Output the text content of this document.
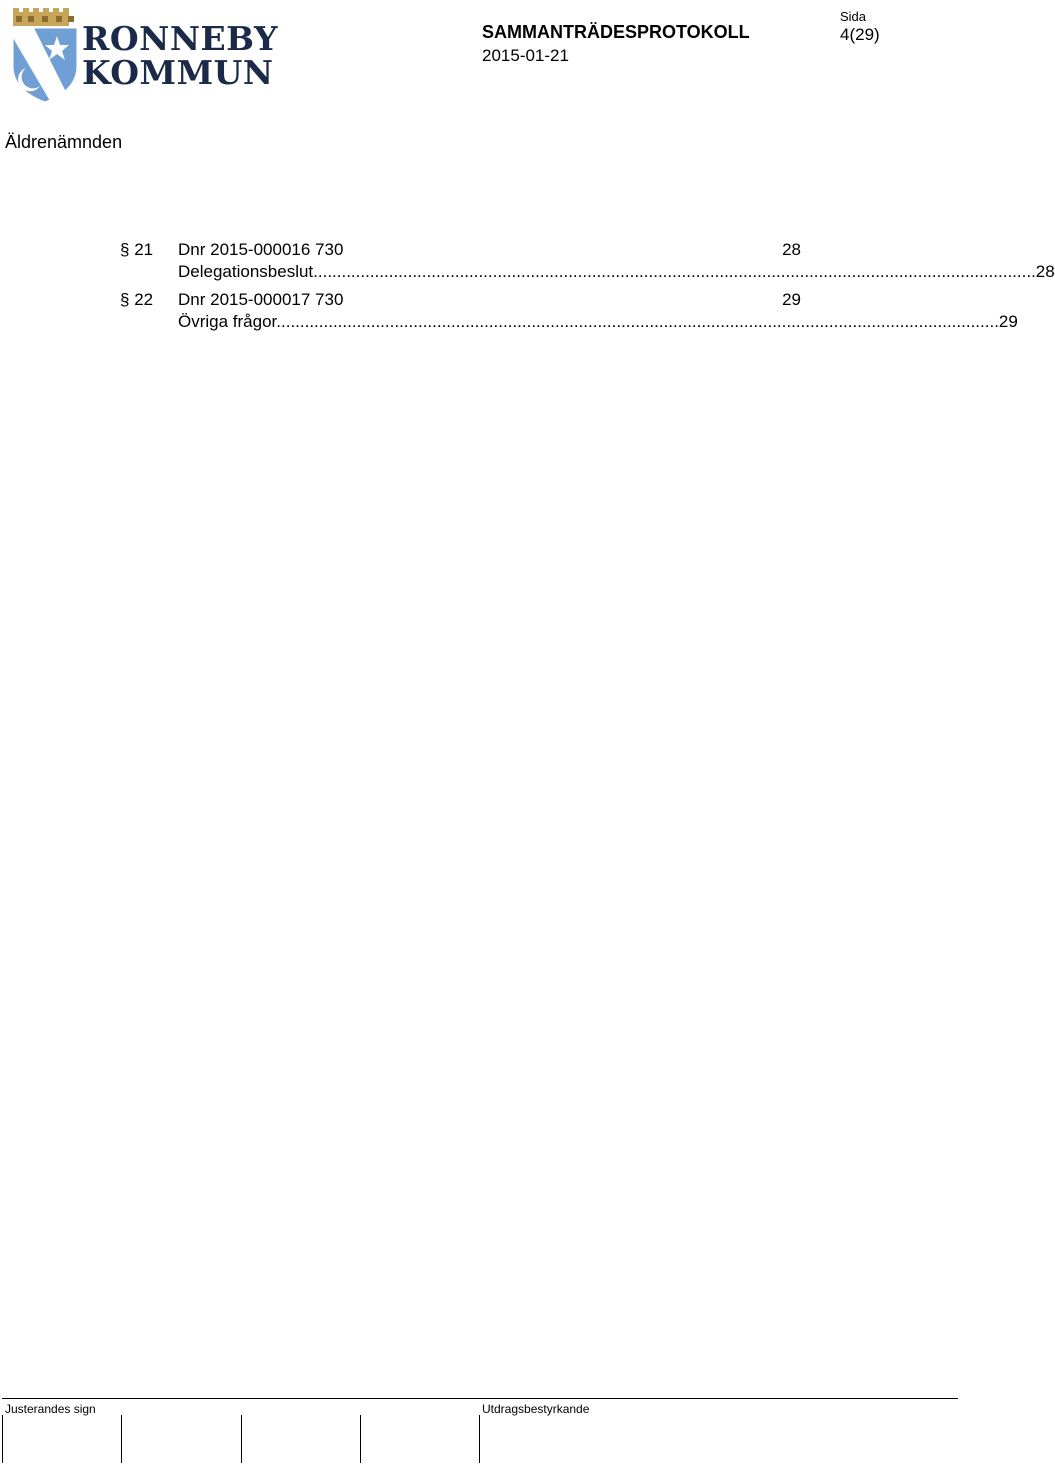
RONNEBY
KOMMUN
SAMMANTRÄDESPROTOKOLL
2015-01-21
Sida
4(29)
Äldrenämnden
§ 21 Dnr 2015-000016 730	28
Delegationsbeslut. ........................................................................................................................................................ 28
§ 22 Dnr 2015-000017 730	29
Övriga frågor. ........................................................................................................................................................ 29
Justerandes sign	Utdragsbestyrkande
